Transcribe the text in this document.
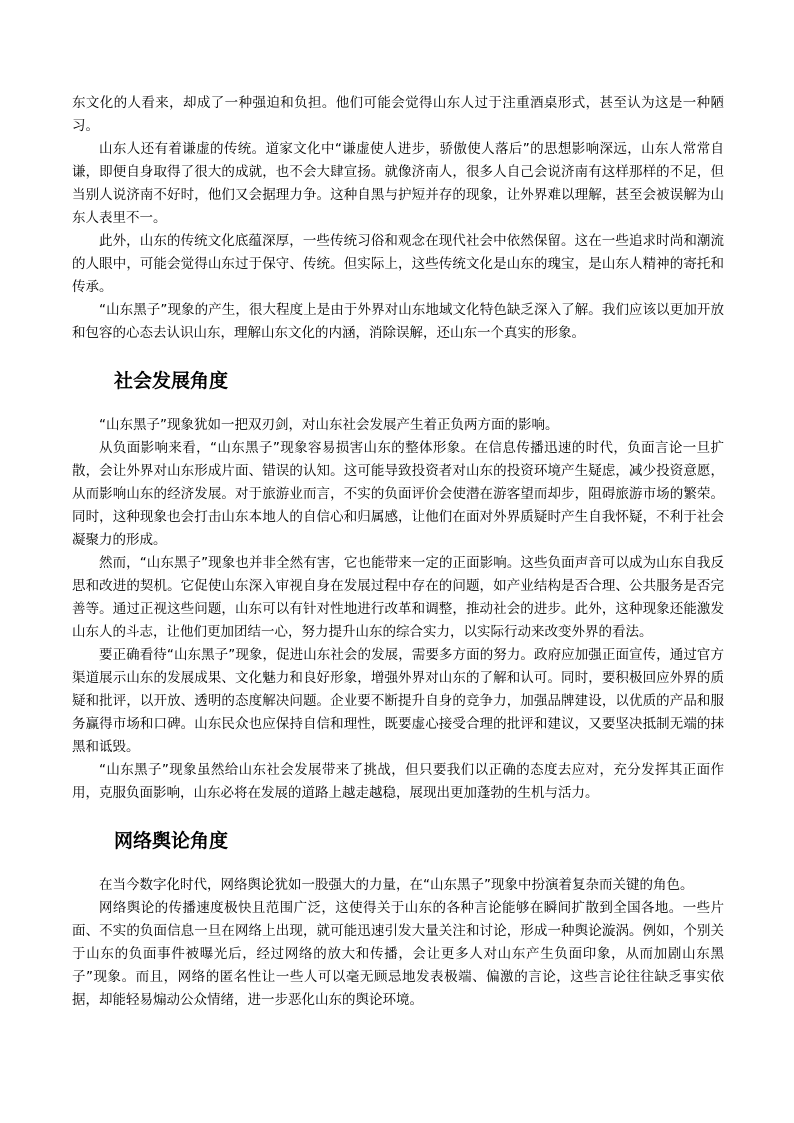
东文化的人看来，却成了一种强迫和负担。他们可能会觉得山东人过于注重酒桌形式，甚至认为这是一种陋习。

山东人还有着谦虚的传统。道家文化中“谦虚使人进步，骄傲使人落后”的思想影响深远，山东人常常自谦，即便自身取得了很大的成就，也不会大肆宣扬。就像济南人，很多人自己会说济南有这样那样的不足，但当别人说济南不好时，他们又会据理力争。这种自黑与护短并存的现象，让外界难以理解，甚至会被误解为山东人表里不一。

此外，山东的传统文化底蕴深厚，一些传统习俗和观念在现代社会中依然保留。这在一些追求时尚和潮流的人眼中，可能会觉得山东过于保守、传统。但实际上，这些传统文化是山东的瑰宝，是山东人精神的寄托和传承。

“山东黑子”现象的产生，很大程度上是由于外界对山东地域文化特色缺乏深入了解。我们应该以更加开放和包容的心态去认识山东，理解山东文化的内涵，消除误解，还山东一个真实的形象。

社会发展角度

“山东黑子”现象犹如一把双刃剑，对山东社会发展产生着正负两方面的影响。

从负面影响来看，“山东黑子”现象容易损害山东的整体形象。在信息传播迅速的时代，负面言论一旦扩散，会让外界对山东形成片面、错误的认知。这可能导致投资者对山东的投资环境产生疑虑，减少投资意愿，从而影响山东的经济发展。对于旅游业而言，不实的负面评价会使潜在游客望而却步，阻碍旅游市场的繁荣。同时，这种现象也会打击山东本地人的自信心和归属感，让他们在面对外界质疑时产生自我怀疑，不利于社会凝聚力的形成。

然而，“山东黑子”现象也并非全然有害，它也能带来一定的正面影响。这些负面声音可以成为山东自我反思和改进的契机。它促使山东深入审视自身在发展过程中存在的问题，如产业结构是否合理、公共服务是否完善等。通过正视这些问题，山东可以有针对性地进行改革和调整，推动社会的进步。此外，这种现象还能激发山东人的斗志，让他们更加团结一心，努力提升山东的综合实力，以实际行动来改变外界的看法。

要正确看待“山东黑子”现象，促进山东社会的发展，需要多方面的努力。政府应加强正面宣传，通过官方渠道展示山东的发展成果、文化魅力和良好形象，增强外界对山东的了解和认可。同时，要积极回应外界的质疑和批评，以开放、透明的态度解决问题。企业要不断提升自身的竞争力，加强品牌建设，以优质的产品和服务赢得市场和口碑。山东民众也应保持自信和理性，既要虚心接受合理的批评和建议，又要坚决抵制无端的抹黑和诋毁。

“山东黑子”现象虽然给山东社会发展带来了挑战，但只要我们以正确的态度去应对，充分发挥其正面作用，克服负面影响，山东必将在发展的道路上越走越稳，展现出更加蓬勃的生机与活力。

网络舆论角度

在当今数字化时代，网络舆论犹如一股强大的力量，在“山东黑子”现象中扮演着复杂而关键的角色。

网络舆论的传播速度极快且范围广泛，这使得关于山东的各种言论能够在瞬间扩散到全国各地。一些片面、不实的负面信息一旦在网络上出现，就可能迅速引发大量关注和讨论，形成一种舆论漩涡。例如，个别关于山东的负面事件被曝光后，经过网络的放大和传播，会让更多人对山东产生负面印象，从而加剧山东黑子”现象。而且，网络的匿名性让一些人可以毫无顾忌地发表极端、偏激的言论，这些言论往往缺乏事实依据，却能轻易煽动公众情绪，进一步恶化山东的舆论环境。
